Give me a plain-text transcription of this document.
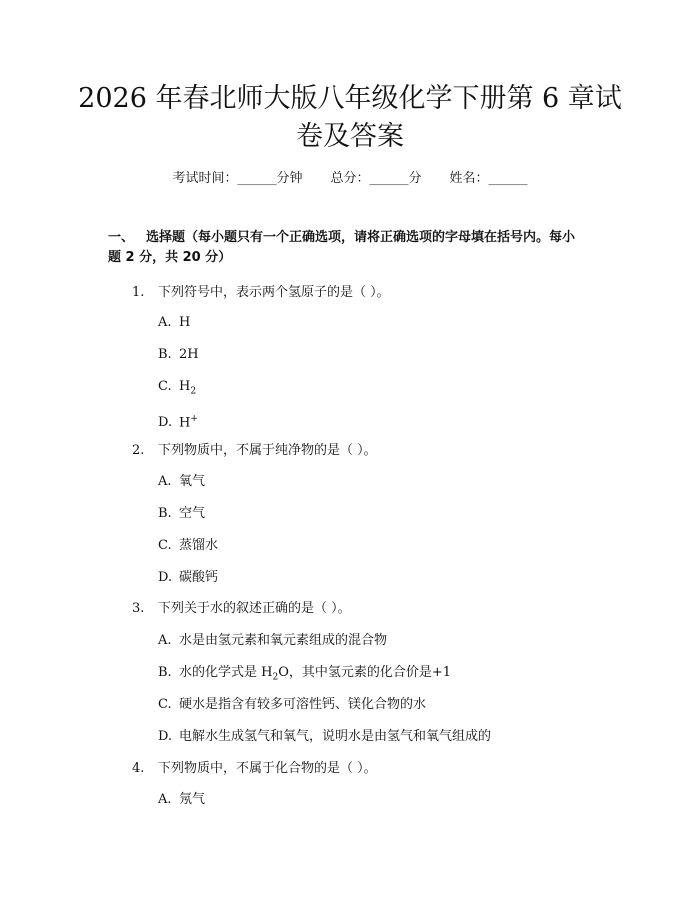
2026 年春北师大版八年级化学下册第 6 章试
卷及答案
考试时间：______分钟 总分：______分 姓名：______
一、 选择题（每小题只有一个正确选项，请将正确选项的字母填在括号内。每小
题 2 分，共 20 分）
1. 下列符号中，表示两个氢原子的是（ ）。
A. H
B. 2H
C. $H_2$
D. H+
2. 下列物质中，不属于纯净物的是（ ）。
A. 氧气
B. 空气
C. 蒸馏水
D. 碳酸钙
3. 下列关于水的叙述正确的是（ ）。
A. 水是由氢元素和氧元素组成的混合物
B. 水的化学式是 $H_2O$，其中氢元素的化合价是+1
C. 硬水是指含有较多可溶性钙、镁化合物的水
D. 电解水生成氢气和氧气，说明水是由氢气和氧气组成的
4. 下列物质中，不属于化合物的是（ ）。
A. 氖气
